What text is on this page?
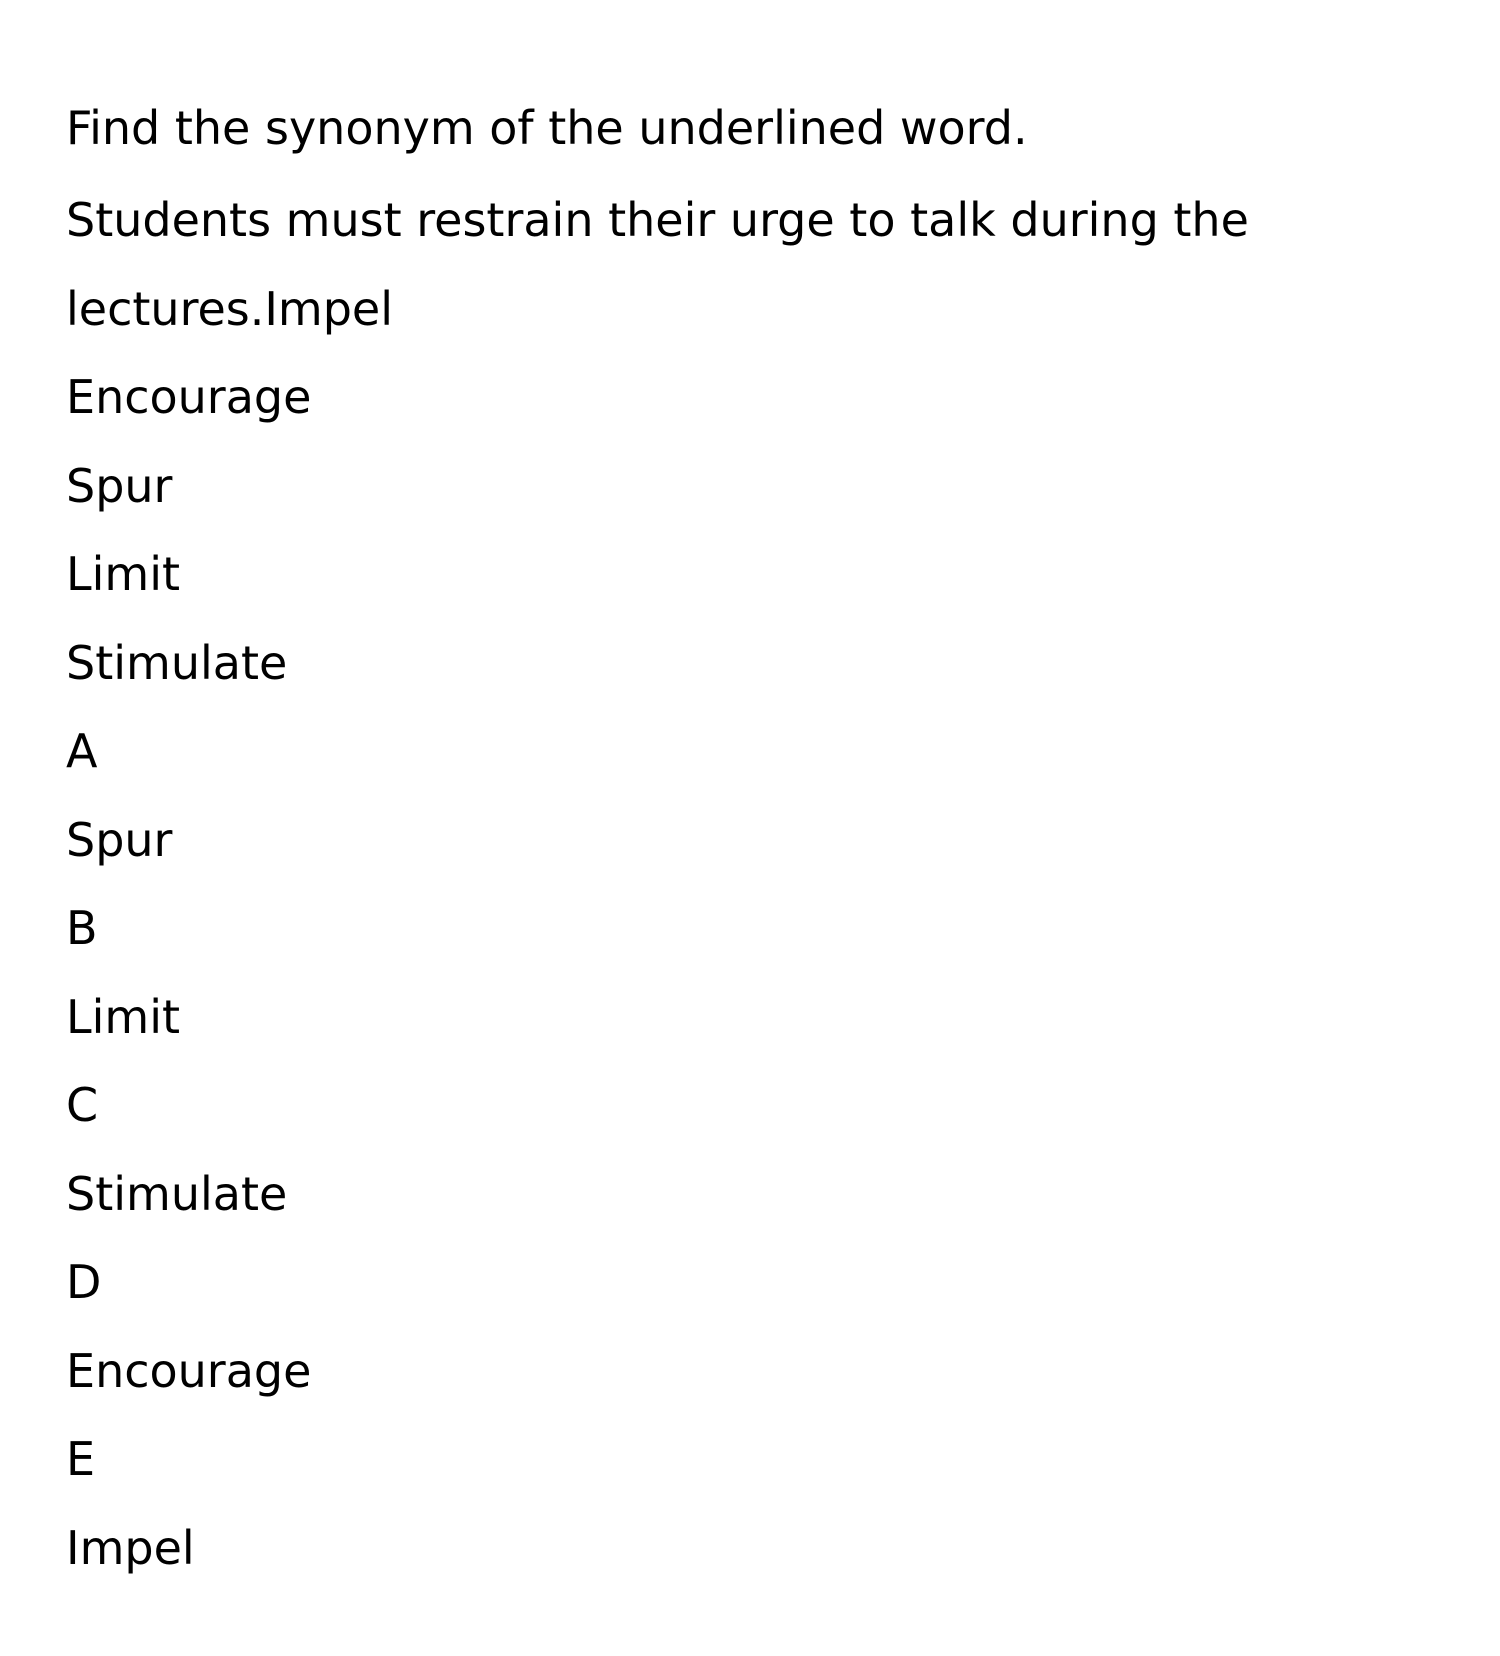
Find the synonym of the underlined word.

Students must restrain their urge to talk during the lectures.Impel

Encourage
Spur
Limit
Stimulate
A
Spur
B
Limit
C
Stimulate
D
Encourage
E
Impel
